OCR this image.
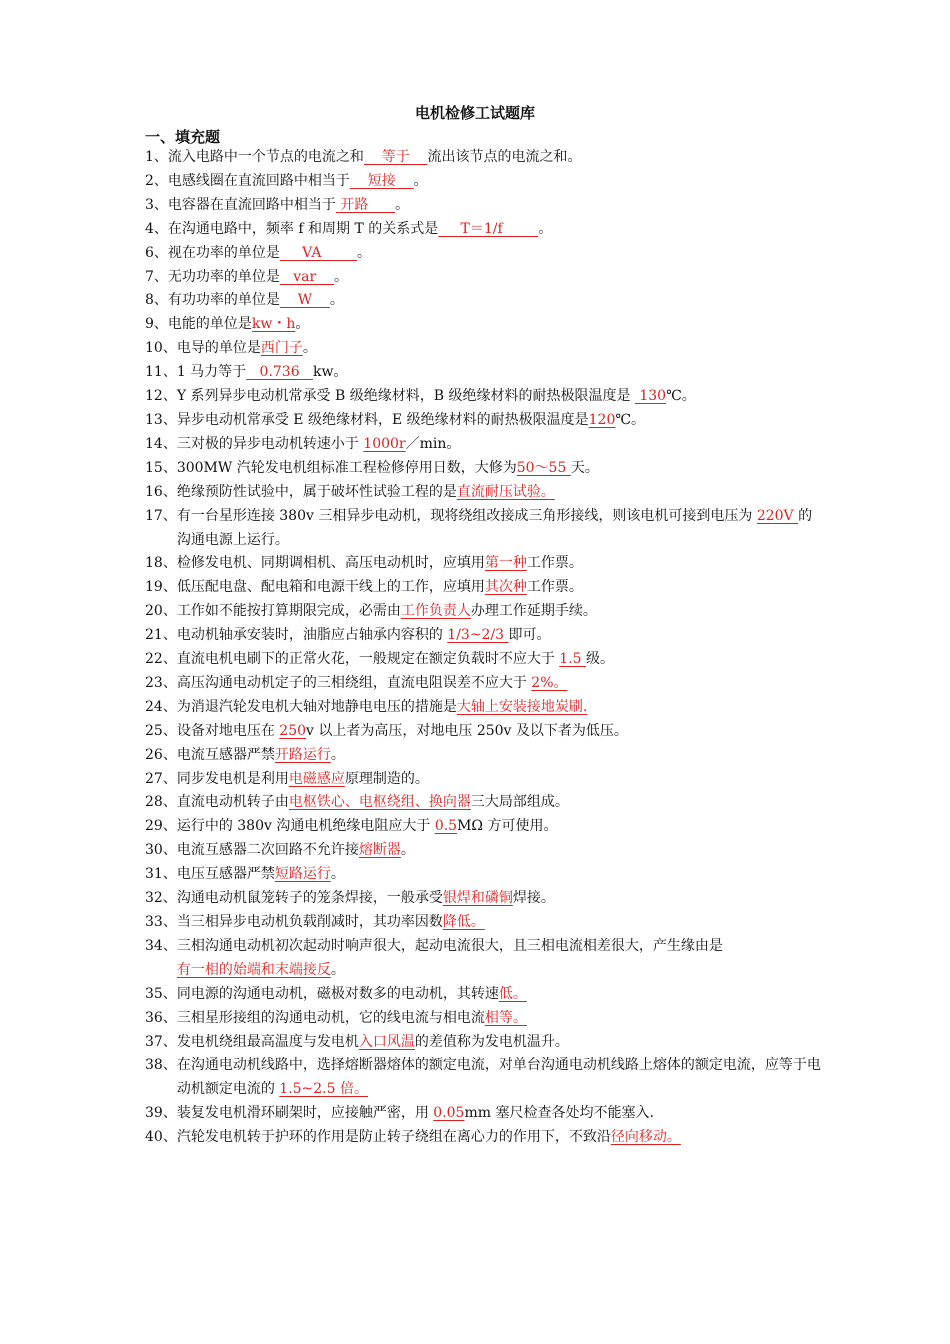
电机检修工试题库
一、填充题
1、 流入电路中一个节点的电流之和    等于    流出该节点的电流之和。
2、 电感线圈在直流回路中相当于    短接    。
3、 电容器在直流回路中相当于 开路      。
4、 在沟通电路中，频率 f 和周期 T 的关系式是     T＝1/f        。
6、 视在功率的单位是     VA        。
7、 无功功率的单位是   var    。
8、 有功功率的单位是    W    。
9、 电能的单位是kw・h。
10、 电导的单位是西门子。
11、 1 马力等于   0.736   kw。
12、 Y 系列异步电动机常承受 B 级绝缘材料，B 级绝缘材料的耐热极限温度是  130℃。
13、 异步电动机常承受 E 级绝缘材料，E 级绝缘材料的耐热极限温度是120℃。
14、 三对极的异步电动机转速小于 1000r／min。
15、 300MW 汽轮发电机组标准工程检修停用日数，大修为50～55 天。
16、 绝缘预防性试验中，属于破坏性试验工程的是直流耐压试验。
17、 有一台星形连接 380v 三相异步电动机，现将绕组改接成三角形接线，则该电机可接到电压为 220V 的沟通电源上运行。
18、 检修发电机、同期调相机、高压电动机时，应填用第一种工作票。
19、 低压配电盘、配电箱和电源干线上的工作，应填用其次种工作票。
20、 工作如不能按打算期限完成，必需由工作负责人办理工作延期手续。
21、 电动机轴承安装时，油脂应占轴承内容积的 1/3~2/3 即可。
22、 直流电机电刷下的正常火花，一般规定在额定负载时不应大于 1.5 级。
23、 高压沟通电动机定子的三相绕组，直流电阻误差不应大于 2%。
24、 为消退汽轮发电机大轴对地静电电压的措施是大轴上安装接地炭刷.
25、 设备对地电压在 250v 以上者为高压，对地电压 250v 及以下者为低压。
26、 电流互感器严禁开路运行。
27、 同步发电机是利用电磁感应原理制造的。
28、 直流电动机转子由电枢铁心、电枢绕组、换向器三大局部组成。
29、 运行中的 380v 沟通电机绝缘电阻应大于 0.5MΩ 方可使用。
30、 电流互感器二次回路不允许接熔断器。
31、 电压互感器严禁短路运行。
32、 沟通电动机鼠笼转子的笼条焊接，一般承受银焊和磷铜焊接。
33、 当三相异步电动机负载削减时，其功率因数降低。
34、 三相沟通电动机初次起动时响声很大，起动电流很大，且三相电流相差很大，产生缘由是有一相的始端和末端接反。
35、 同电源的沟通电动机，磁极对数多的电动机，其转速低。
36、 三相星形接组的沟通电动机，它的线电流与相电流相等。
37、 发电机绕组最高温度与发电机入口风温的差值称为发电机温升。
38、 在沟通电动机线路中，选择熔断器熔体的额定电流，对单台沟通电动机线路上熔体的额定电流，应等于电动机额定电流的 1.5~2.5 倍。
39、 装复发电机滑环刷架时，应接触严密，用 0.05mm 塞尺检查各处均不能塞入.
40、 汽轮发电机转于护环的作用是防止转子绕组在离心力的作用下，不致沿径向移动。
